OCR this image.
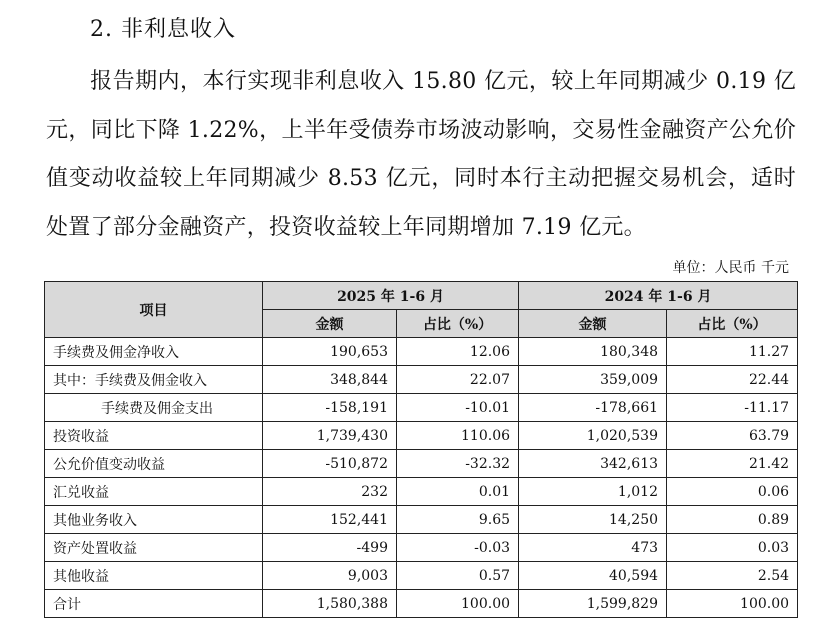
2. 非利息收入
报告期内，本行实现非利息收入 15.80 亿元，较上年同期减少 0.19 亿元，同比下降 1.22%，上半年受债券市场波动影响，交易性金融资产公允价值变动收益较上年同期减少 8.53 亿元，同时本行主动把握交易机会，适时处置了部分金融资产，投资收益较上年同期增加 7.19 亿元。
单位：人民币 千元
项目	2025 年 1-6 月		2024 年 1-6 月	
	金额	占比（%）	金额	占比（%）
手续费及佣金净收入	190,653	12.06	180,348	11.27
其中：手续费及佣金收入	348,844	22.07	359,009	22.44
手续费及佣金支出	-158,191	-10.01	-178,661	-11.17
投资收益	1,739,430	110.06	1,020,539	63.79
公允价值变动收益	-510,872	-32.32	342,613	21.42
汇兑收益	232	0.01	1,012	0.06
其他业务收入	152,441	9.65	14,250	0.89
资产处置收益	-499	-0.03	473	0.03
其他收益	9,003	0.57	40,594	2.54
合计	1,580,388	100.00	1,599,829	100.00
